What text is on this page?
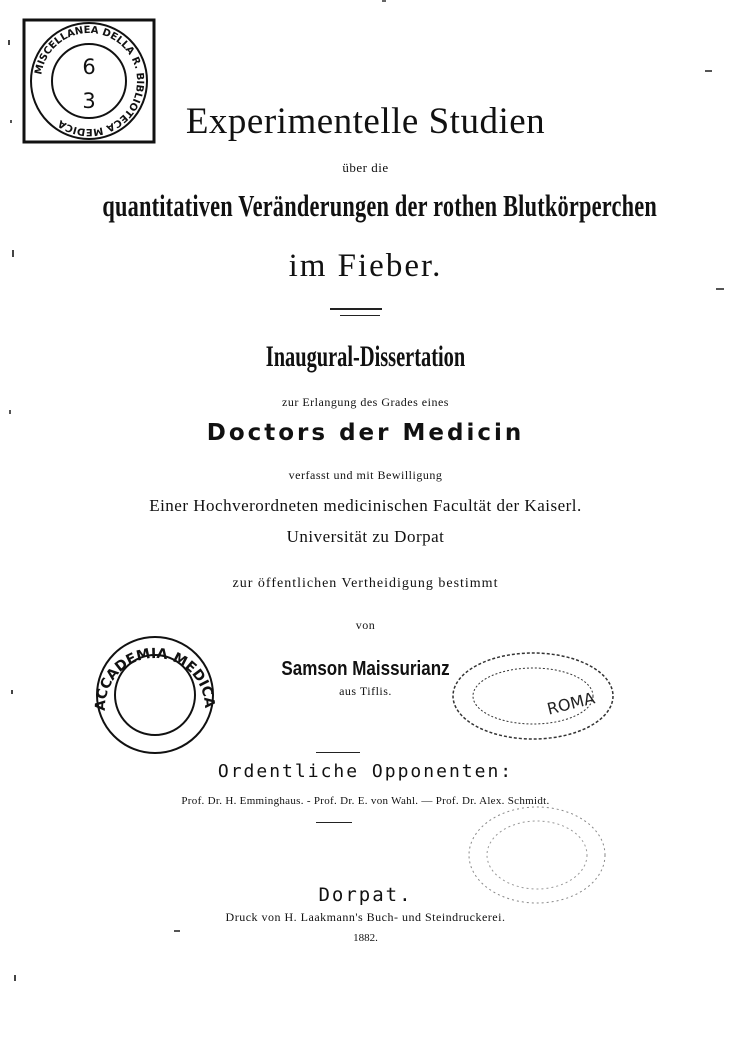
MISCELLANEA DELLA R. BIBLIOTECA MEDICA
6
3	Experimentelle Studien
über die
quantitativen Veränderungen der rothen Blutkörperchen
im Fieber.
Inaugural-Dissertation
zur Erlangung des Grades eines
Doctors der Medicin
verfasst und mit Bewilligung
Einer Hochverordneten medicinischen Facultät der Kaiserl.
Universität zu Dorpat
zur öffentlichen Vertheidigung bestimmt
von
Samson Maissurianz
aus Tiflis.
ACCADEMIA MEDICA	ROMA
Ordentliche Opponenten:
Prof. Dr. H. Emminghaus. - Prof. Dr. E. von Wahl. — Prof. Dr. Alex. Schmidt.
Dorpat.
Druck von H. Laakmann's Buch- und Steindruckerei.
1882.
